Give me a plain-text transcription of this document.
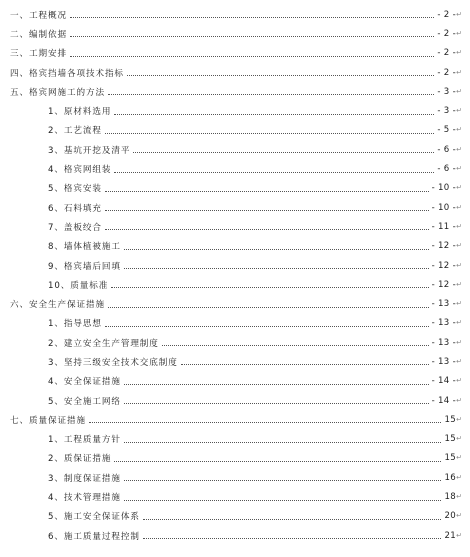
一、工程概况	- 2 - ↵
二、编制依据	- 2 - ↵
三、工期安排	- 2 - ↵
四、格宾挡墙各项技术指标	- 2 - ↵
五、格宾网施工的方法	- 3 - ↵
1、原材料选用	- 3 - ↵
2、工艺流程	- 5 - ↵
3、基坑开挖及清平	- 6 - ↵
4、格宾网组装	- 6 - ↵
5、格宾安装	- 10 - ↵
6、石料填充	- 10 - ↵
7、盖板绞合	- 11 - ↵
8、墙体植被施工	- 12 - ↵
9、格宾墙后回填	- 12 - ↵
10、质量标准	- 12 - ↵
六、安全生产保证措施	- 13 - ↵
1、指导思想	- 13 - ↵
2、建立安全生产管理制度	- 13 - ↵
3、坚持三级安全技术交底制度	- 13 - ↵
4、安全保证措施	- 14 - ↵
5、安全施工网络	- 14 - ↵
七、质量保证措施	15 ↵
1、工程质量方针	15 ↵
2、质保证措施	15 ↵
3、制度保证措施	16 ↵
4、技术管理措施	18 ↵
5、施工安全保证体系	20 ↵
6、施工质量过程控制	21 ↵
